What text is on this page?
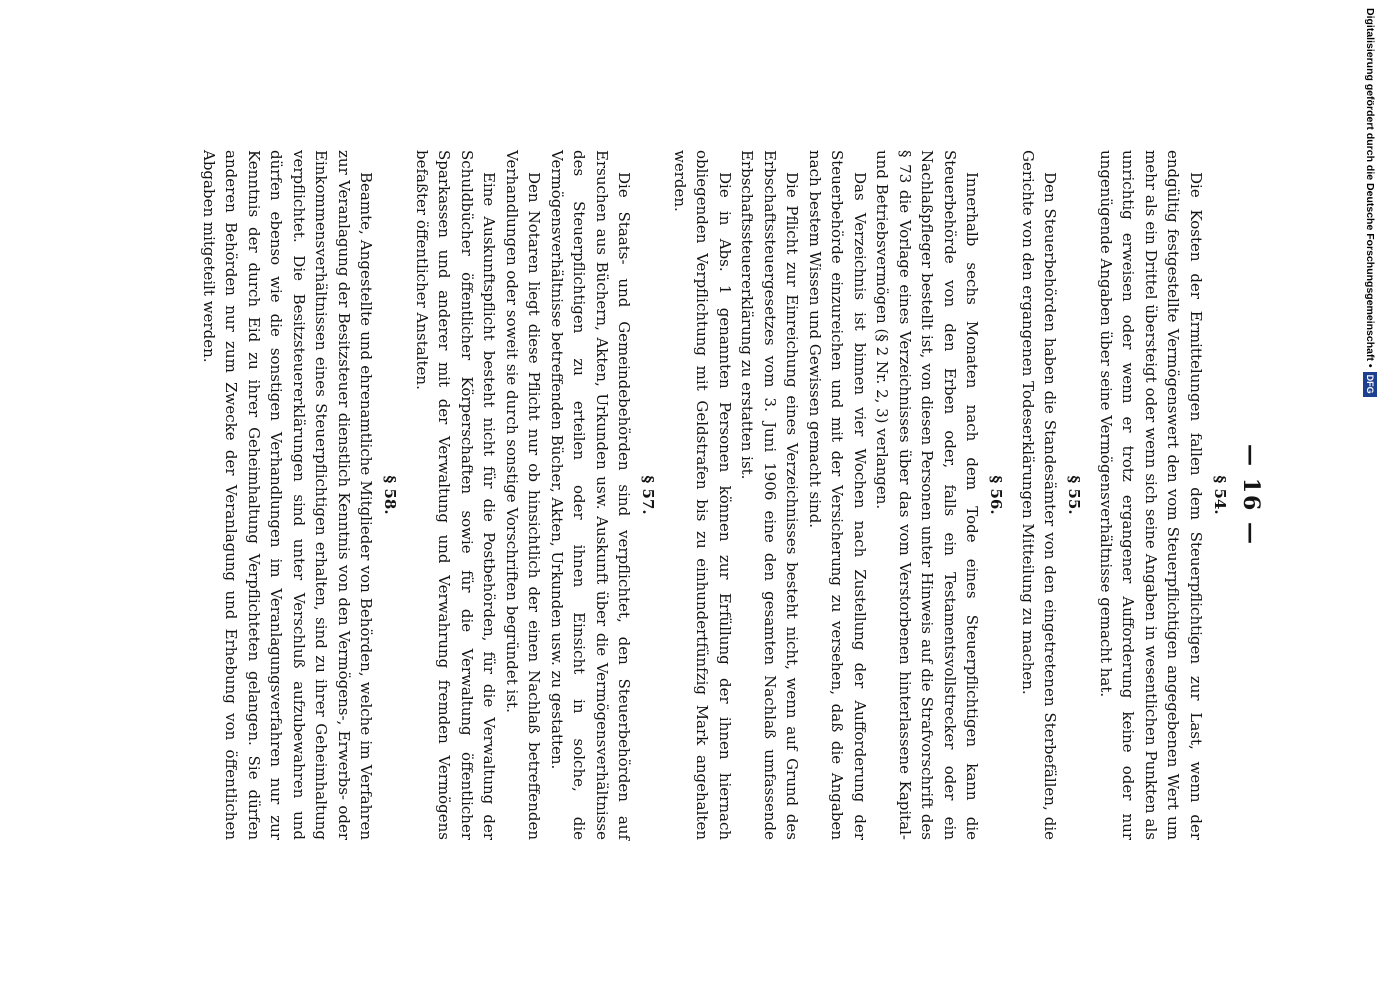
— 16 —
§ 54.

Die Kosten der Ermittelungen fallen dem Steuerpflichtigen zur Last, wenn der endgültig festgestellte Vermögenswert den vom Steuerpflichtigen angegebenen Wert um mehr als ein Drittel übersteigt oder wenn sich seine Angaben in wesentlichen Punkten als unrichtig erweisen oder wenn er trotz ergangener Aufforderung keine oder nur ungenügende Angaben über seine Vermögensverhältnisse gemacht hat.

§ 55.

Den Steuerbehörden haben die Standesämter von den eingetretenen Sterbefällen, die Gerichte von den ergangenen Todeserklärungen Mitteilung zu machen.

§ 56.

Innerhalb sechs Monaten nach dem Tode eines Steuerpflichtigen kann die Steuerbehörde von den Erben oder, falls ein Testamentsvollstrecker oder ein Nachlaßpfleger bestellt ist, von diesen Personen unter Hinweis auf die Strafvorschrift des § 73 die Vorlage eines Verzeichnisses über das vom Verstorbenen hinterlassene Kapital- und Betriebsvermögen (§ 2 Nr. 2, 3) verlangen.

Das Verzeichnis ist binnen vier Wochen nach Zustellung der Aufforderung der Steuerbehörde einzureichen und mit der Versicherung zu versehen, daß die Angaben nach bestem Wissen und Gewissen gemacht sind.

Die Pflicht zur Einreichung eines Verzeichnisses besteht nicht, wenn auf Grund des Erbschaftssteuergesetzes vom 3. Juni 1906 eine den gesamten Nachlaß umfassende Erbschaftssteuererklärung zu erstatten ist.

Die in Abs. 1 genannten Personen können zur Erfüllung der ihnen hiernach obliegenden Verpflichtung mit Geldstrafen bis zu einhundertfünfzig Mark angehalten werden.

§ 57.

Die Staats- und Gemeindebehörden sind verpflichtet, den Steuerbehörden auf Ersuchen aus Büchern, Akten, Urkunden usw. Auskunft über die Vermögensverhältnisse des Steuerpflichtigen zu erteilen oder ihnen Einsicht in solche, die Vermögensverhältnisse betreffenden Bücher, Akten, Urkunden usw. zu gestatten.

Den Notaren liegt diese Pflicht nur ob hinsichtlich der einen Nachlaß betreffenden Verhandlungen oder soweit sie durch sonstige Vorschriften begründet ist.

Eine Auskunftspflicht besteht nicht für die Postbehörden, für die Verwaltung der Schuldbücher öffentlicher Körperschaften sowie für die Verwaltung öffentlicher Sparkassen und anderer mit der Verwaltung und Verwahrung fremden Vermögens befaßter öffentlicher Anstalten.

§ 58.

Beamte, Angestellte und ehrenamtliche Mitglieder von Behörden, welche im Verfahren zur Veranlagung der Besitzsteuer dienstlich Kenntnis von den Vermögens-, Erwerbs- oder Einkommensverhältnissen eines Steuerpflichtigen erhalten, sind zu ihrer Geheimhaltung verpflichtet. Die Besitzsteuererklärungen sind unter Verschluß aufzubewahren und dürfen ebenso wie die sonstigen Verhandlungen im Veranlagungsverfahren nur zur Kenntnis der durch Eid zu ihrer Geheimhaltung Verpflichteten gelangen. Sie dürfen anderen Behörden nur zum Zwecke der Veranlagung und Erhebung von öffentlichen Abgaben mitgeteilt werden.	Digitalisierung gefördert durch die Deutsche Forschungsgemeinschaft •
DFG
